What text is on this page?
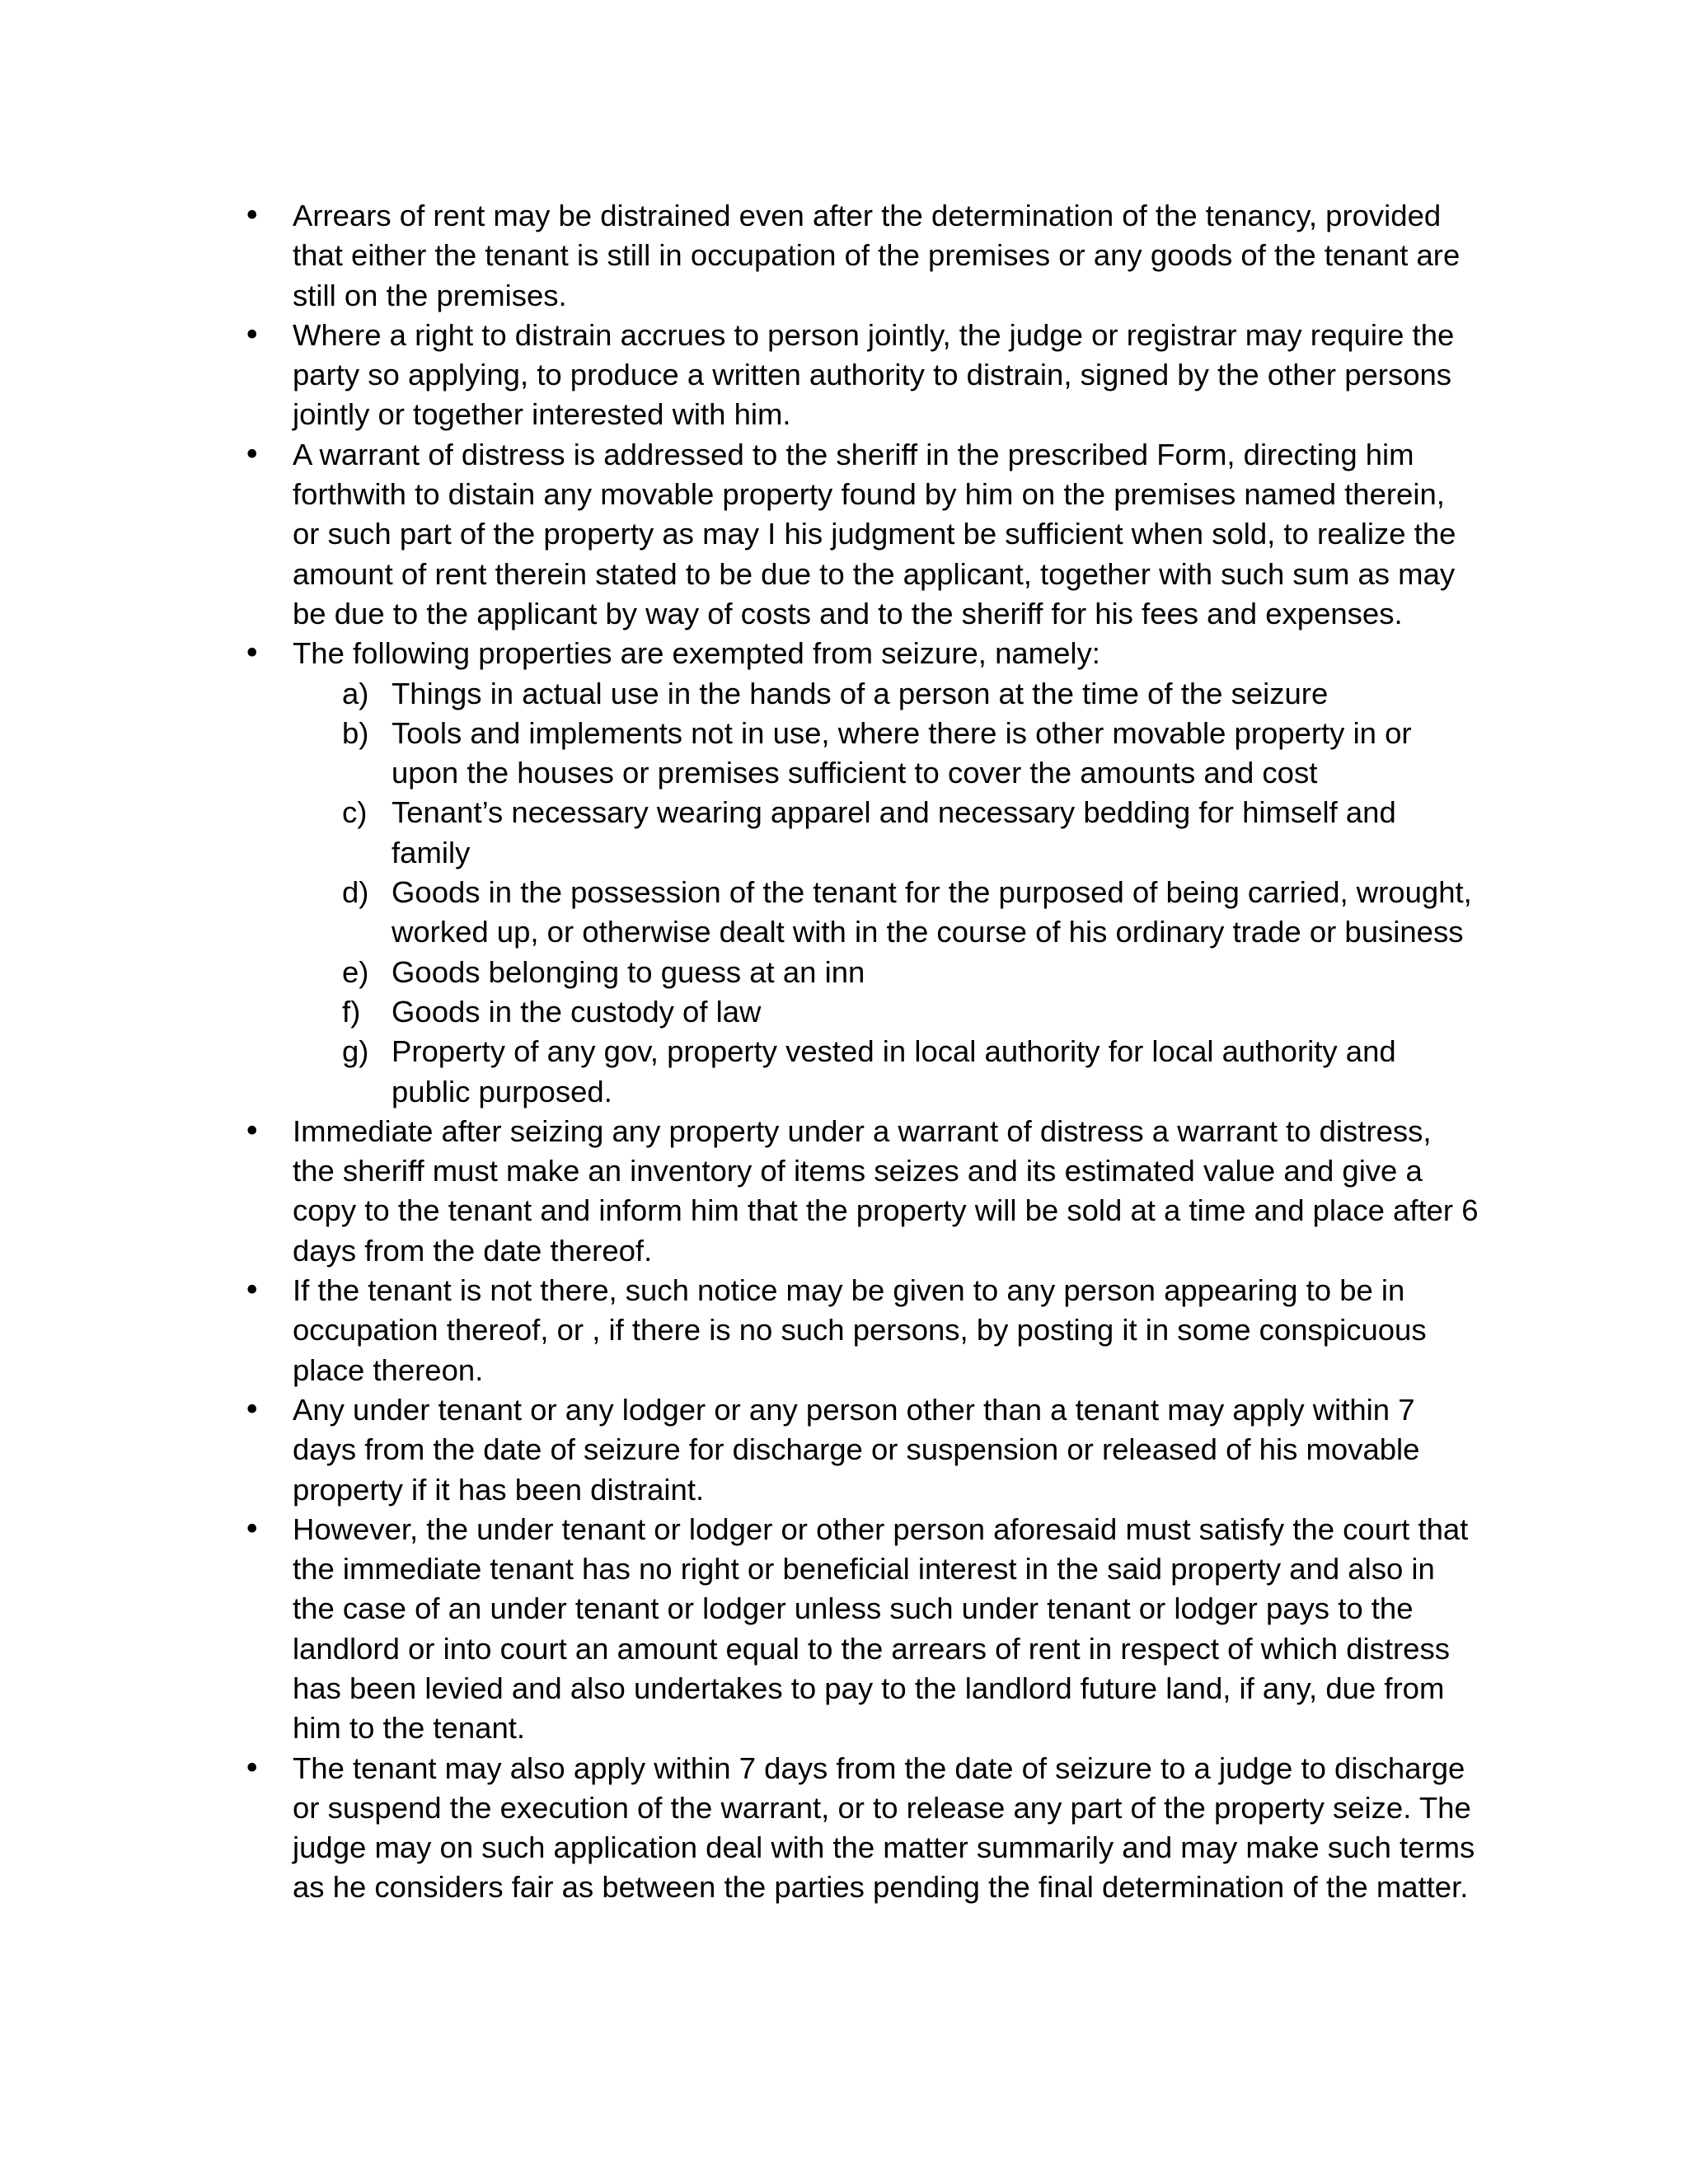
•
Arrears of rent may be distrained even after the determination of the tenancy, provided that either the tenant is still in occupation of the premises or any goods of the tenant are still on the premises.
•
Where a right to distrain accrues to person jointly, the judge or registrar may require the party so applying, to produce a written authority to distrain, signed by the other persons jointly or together interested with him.
•
A warrant of distress is addressed to the sheriff in the prescribed Form, directing him forthwith to distain any movable property found by him on the premises named therein, or such part of the property as may I his judgment be sufficient when sold, to realize the amount of rent therein stated to be due to the applicant, together with such sum as may be due to the applicant by way of costs and to the sheriff for his fees and expenses.
•
The following properties are exempted from seizure, namely:
a) Things in actual use in the hands of a person at the time of the seizure
b) Tools and implements not in use, where there is other movable property in or upon the houses or premises sufficient to cover the amounts and cost
c) Tenant’s necessary wearing apparel and necessary bedding for himself and family
d) Goods in the possession of the tenant for the purposed of being carried, wrought, worked up, or otherwise dealt with in the course of his ordinary trade or business
e) Goods belonging to guess at an inn
f) Goods in the custody of law
g) Property of any gov, property vested in local authority for local authority and public purposed.
•
Immediate after seizing any property under a warrant of distress a warrant to distress, the sheriff must make an inventory of items seizes and its estimated value and give a copy to the tenant and inform him that the property will be sold at a time and place after 6 days from the date thereof.
•
If the tenant is not there, such notice may be given to any person appearing to be in occupation thereof, or , if there is no such persons, by posting it in some conspicuous place thereon.
•
Any under tenant or any lodger or any person other than a tenant may apply within 7 days from the date of seizure for discharge or suspension or released of his movable property if it has been distraint.
•
However, the under tenant or lodger or other person aforesaid must satisfy the court that the immediate tenant has no right or beneficial interest in the said property and also in the case of an under tenant or lodger unless such under tenant or lodger pays to the landlord or into court an amount equal to the arrears of rent in respect of which distress has been levied and also undertakes to pay to the landlord future land, if any, due from him to the tenant.
•
The tenant may also apply within 7 days from the date of seizure to a judge to discharge or suspend the execution of the warrant, or to release any part of the property seize. The judge may on such application deal with the matter summarily and may make such terms as he considers fair as between the parties pending the final determination of the matter.
